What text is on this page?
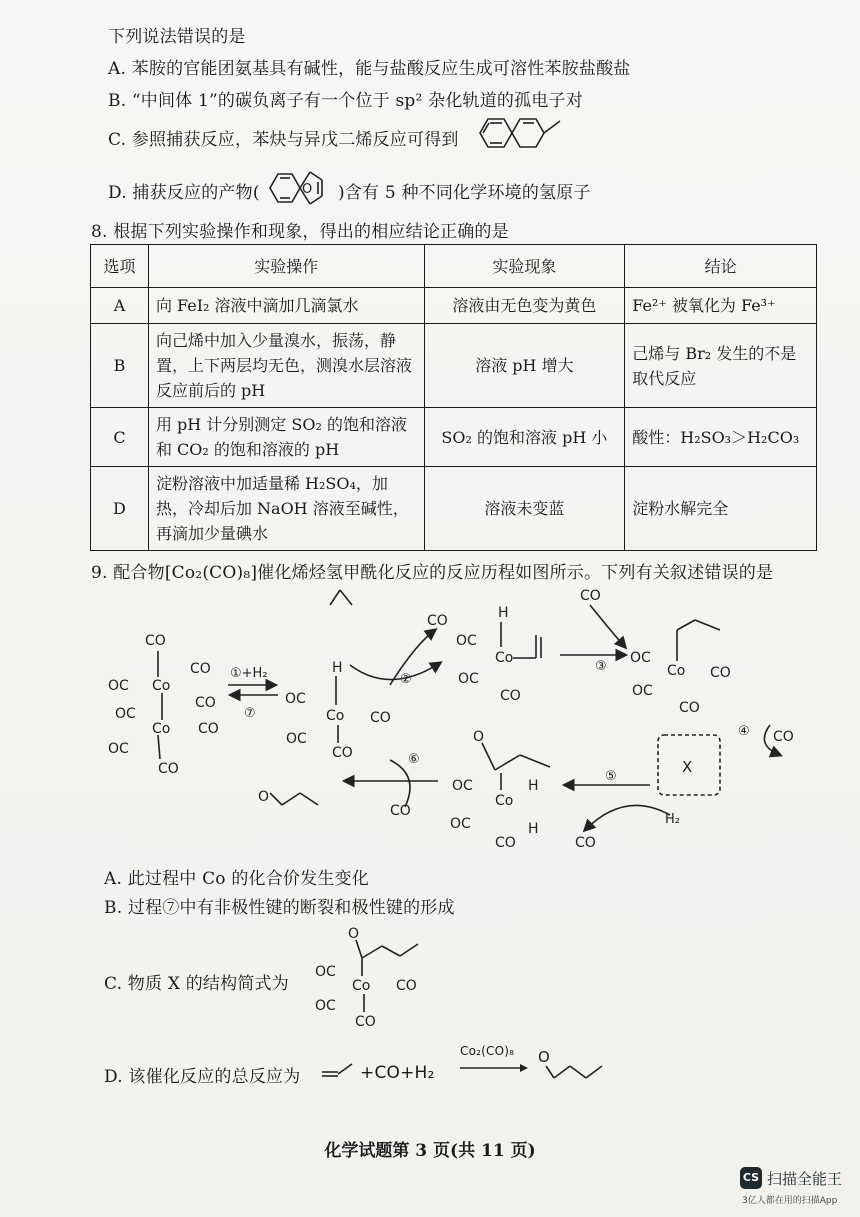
下列说法错误的是
A. 苯胺的官能团氨基具有碱性，能与盐酸反应生成可溶性苯胺盐酸盐
B. “中间体 1”的碳负离子有一个位于 sp² 杂化轨道的孤电子对
C. 参照捕获反应，苯炔与异戊二烯反应可得到
D. 捕获反应的产物(	O )含有 5 种不同化学环境的氢原子
8. 根据下列实验操作和现象，得出的相应结论正确的是
选项	实验操作	实验现象	结论
A	向 FeI₂ 溶液中滴加几滴氯水	溶液由无色变为黄色	Fe²⁺ 被氧化为 Fe³⁺
B	向己烯中加入少量溴水，振荡，静置，上下两层均无色，测溴水层溶液反应前后的 pH	溶液 pH 增大	己烯与 Br₂ 发生的不是取代反应
C	用 pH 计分别测定 SO₂ 的饱和溶液和 CO₂ 的饱和溶液的 pH	SO₂ 的饱和溶液 pH 小	酸性：H₂SO₃＞H₂CO₃
D	淀粉溶液中加适量稀 H₂SO₄，加热，冷却后加 NaOH 溶液至碱性，再滴加少量碘水	溶液未变蓝	淀粉水解完全
9. 配合物[Co₂(CO)₈]催化烯烃氢甲酰化反应的反应历程如图所示。下列有关叙述错误的是
CO
CO
OC Co
CO
OC
Co CO
OC
CO
①+H₂
⑦
H
OC
Co CO
OC
CO
②
CO	H
OC
Co
OC
CO
③
CO
OC
Co CO
OC
CO
④ CO
X
⑤
H₂
CO
O
OC
Co
H
H
OC
CO
⑥
CO
O
A. 此过程中 Co 的化合价发生变化
B. 过程⑦中有非极性键的断裂和极性键的形成
C. 物质 X 的结构简式为
O
OC
Co CO
OC
CO
D. 该催化反应的总反应为	+CO+H₂
Co₂(CO)₈ O
化学试题第 3 页(共 11 页)
CS 扫描全能王
3亿人都在用的扫描App
